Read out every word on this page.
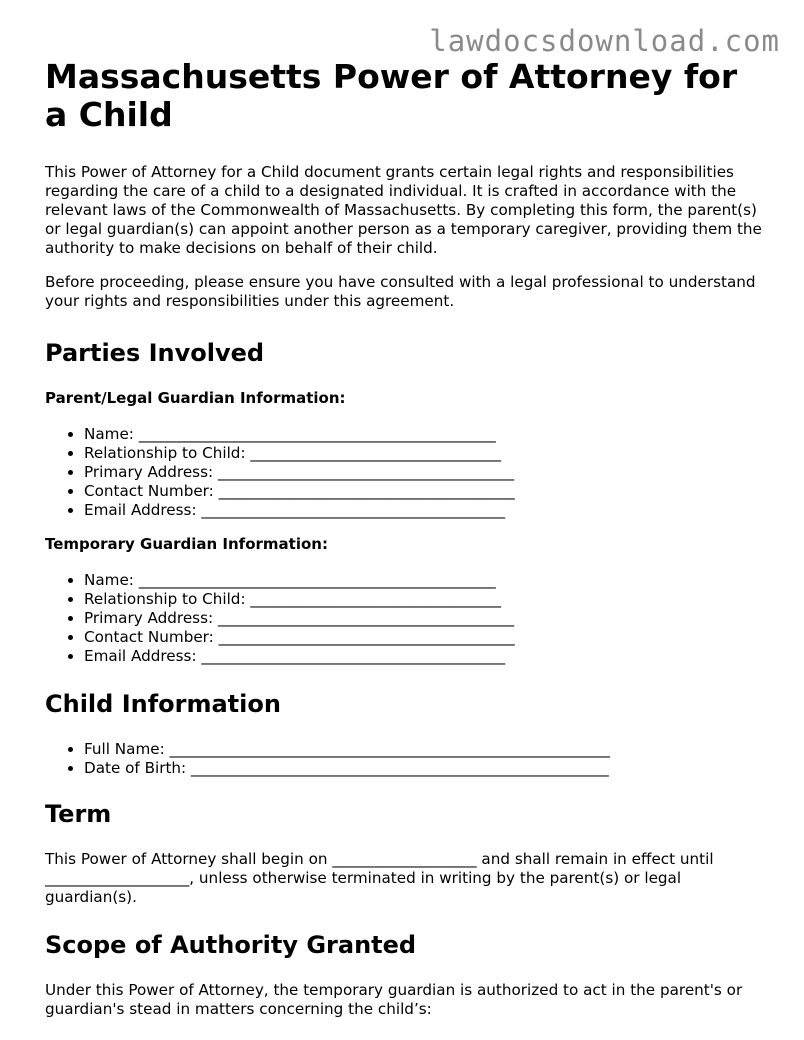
lawdocsdownload.com
Massachusetts Power of Attorney for a Child

This Power of Attorney for a Child document grants certain legal rights and responsibilities regarding the care of a child to a designated individual. It is crafted in accordance with the relevant laws of the Commonwealth of Massachusetts. By completing this form, the parent(s) or legal guardian(s) can appoint another person as a temporary caregiver, providing them the authority to make decisions on behalf of their child.

Before proceeding, please ensure you have consulted with a legal professional to understand your rights and responsibilities under this agreement.

Parties Involved
Parent/Legal Guardian Information:
• Name: _______________________________________________
• Relationship to Child: _________________________________
• Primary Address: _______________________________________
• Contact Number: _______________________________________
• Email Address: ________________________________________
Temporary Guardian Information:
• Name: _______________________________________________
• Relationship to Child: _________________________________
• Primary Address: _______________________________________
• Contact Number: _______________________________________
• Email Address: ________________________________________
Child Information
• Full Name: __________________________________________________________
• Date of Birth: _______________________________________________________
Term

This Power of Attorney shall begin on ___________________ and shall remain in effect until ___________________, unless otherwise terminated in writing by the parent(s) or legal guardian(s).

Scope of Authority Granted

Under this Power of Attorney, the temporary guardian is authorized to act in the parent's or guardian's stead in matters concerning the child’s:
